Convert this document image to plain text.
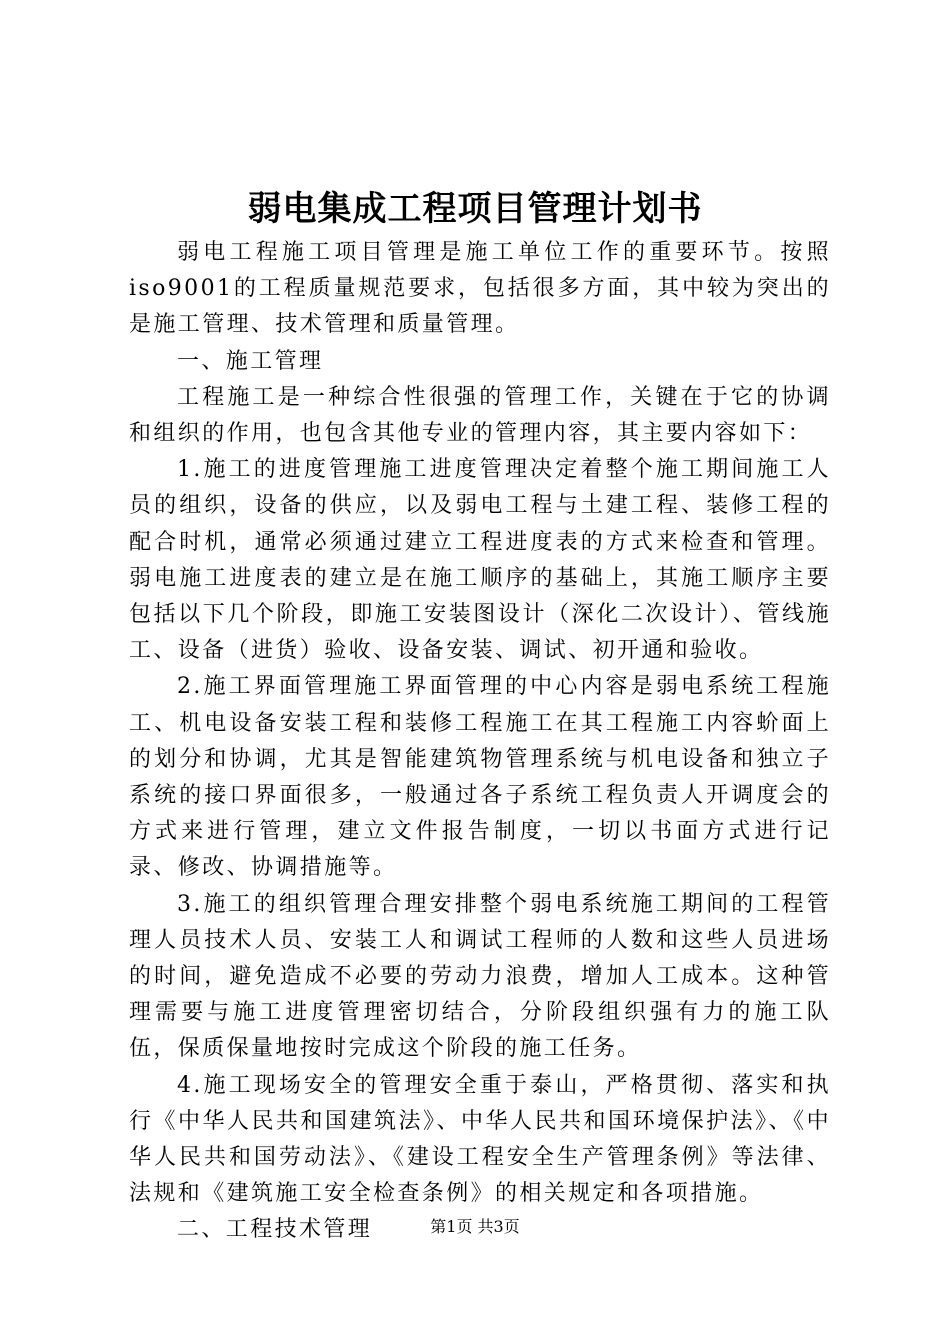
弱电集成工程项目管理计划书

弱电工程施工项目管理是施工单位工作的重要环节。按照iso9001的工程质量规范要求，包括很多方面，其中较为突出的是施工管理、技术管理和质量管理。

一、施工管理

工程施工是一种综合性很强的管理工作，关键在于它的协调和组织的作用，也包含其他专业的管理内容，其主要内容如下：

1.施工的进度管理施工进度管理决定着整个施工期间施工人员的组织，设备的供应，以及弱电工程与土建工程、装修工程的配合时机，通常必须通过建立工程进度表的方式来检查和管理。弱电施工进度表的建立是在施工顺序的基础上，其施工顺序主要包括以下几个阶段，即施工安装图设计（深化二次设计）、管线施工、设备（进货）验收、设备安装、调试、初开通和验收。

2.施工界面管理施工界面管理的中心内容是弱电系统工程施工、机电设备安装工程和装修工程施工在其工程施工内容蚧面上的划分和协调，尤其是智能建筑物管理系统与机电设备和独立子系统的接口界面很多，一般通过各子系统工程负责人开调度会的方式来进行管理，建立文件报告制度，一切以书面方式进行记录、修改、协调措施等。

3.施工的组织管理合理安排整个弱电系统施工期间的工程管理人员技术人员、安装工人和调试工程师的人数和这些人员进场的时间，避免造成不必要的劳动力浪费，增加人工成本。这种管理需要与施工进度管理密切结合，分阶段组织强有力的施工队伍，保质保量地按时完成这个阶段的施工任务。

4.施工现场安全的管理安全重于泰山，严格贯彻、落实和执行《中华人民共和国建筑法》、中华人民共和国环境保护法》、《中华人民共和国劳动法》、《建设工程安全生产管理条例》等法律、法规和《建筑施工安全检查条例》的相关规定和各项措施。

二、工程技术管理	第1页 共3页
